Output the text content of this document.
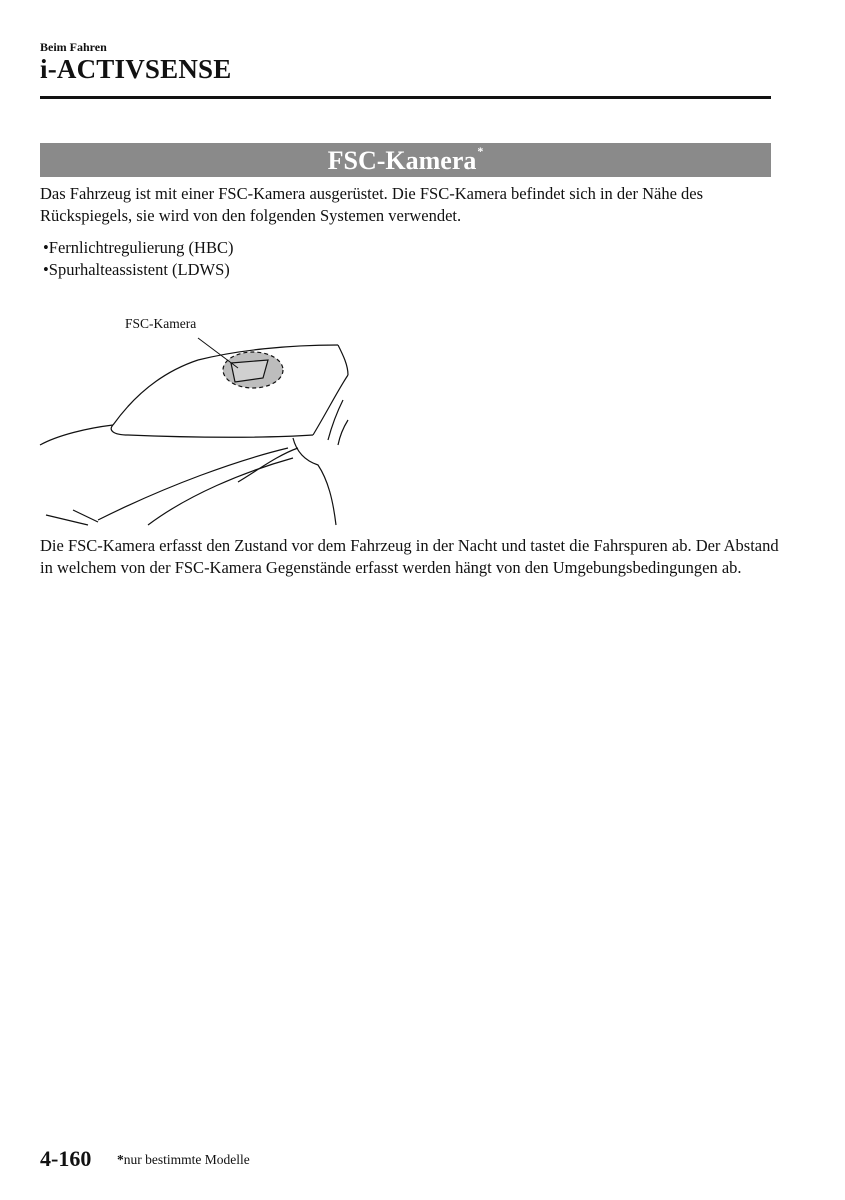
Beim Fahren
i-ACTIVSENSE
FSC-Kamera*
Das Fahrzeug ist mit einer FSC-Kamera ausgerüstet. Die FSC-Kamera befindet sich in der Nähe des Rückspiegels, sie wird von den folgenden Systemen verwendet.
• Fernlichtregulierung (HBC)
• Spurhalteassistent (LDWS)
FSC-Kamera
Die FSC-Kamera erfasst den Zustand vor dem Fahrzeug in der Nacht und tastet die Fahrspuren ab. Der Abstand in welchem von der FSC-Kamera Gegenstände erfasst werden hängt von den Umgebungsbedingungen ab.
4-160 *nur bestimmte Modelle
